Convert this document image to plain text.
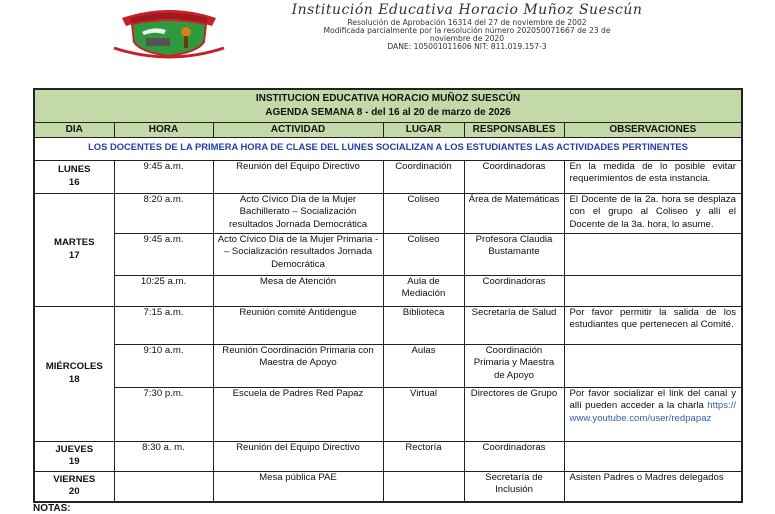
Institución Educativa Horacio Muñoz Suescún
Resolución de Aprobación 16314 del 27 de noviembre de 2002
Modificada parcialmente por la resolución número 202050071667 de 23 de
noviembre de 2020
DANE: 105001011606 NIT: 811.019.157-3
INSTITUCION EDUCATIVA HORACIO MUÑOZ SUESCÚN
AGENDA SEMANA 8 - del 16 al 20 de marzo de 2026					

DIA	HORA	ACTIVIDAD	LUGAR	RESPONSABLES	OBSERVACIONES
LOS DOCENTES DE LA PRIMERA HORA DE CLASE DEL LUNES SOCIALIZAN A LOS ESTUDIANTES LAS ACTIVIDADES PERTINENTES					

LUNES
16	9:45 a.m.	Reunión del Equipo Directivo	Coordinación	Coordinadoras	En la medida de lo posible evitar requerimientos de esta instancia.

MARTES
17	8:20 a.m.	Acto Cívico Día de la Mujer Bachillerato – Socialización resultados Jornada Democrática	Coliseo	Área de Matemáticas	El Docente de la 2a. hora se desplaza con el grupo al Coliseo y allí el Docente de la 3a. hora, lo asume.
	9:45 a.m.	Acto Cívico Día de la Mujer Primaria - – Socialización resultados Jornada Democrática	Coliseo	Profesora Claudia Bustamante	
	10:25 a.m.	Mesa de Atención	Aula de Mediación	Coordinadoras	

MIÉRCOLES
18	7:15 a.m.	Reunión comité Antidengue	Biblioteca	Secretaría de Salud	Por favor permitir la salida de los estudiantes que pertenecen al Comité.
	9:10 a.m.	Reunión Coordinación Primaria con Maestra de Apoyo	Aulas	Coordinación Primaria y Maestra de Apoyo	
	7:30 p.m.	Escuela de Padres Red Papaz	Virtual	Directores de Grupo	Por favor socializar el link del canal y allí pueden acceder a la charla https://www.youtube.com/user/redpapaz

JUEVES
19	8:30 a. m.	Reunión del Equipo Directivo	Rectoría	Coordinadoras	

VIERNES
20		Mesa pública PAE		Secretaría de Inclusión	Asisten Padres o Madres delegados
NOTAS:
